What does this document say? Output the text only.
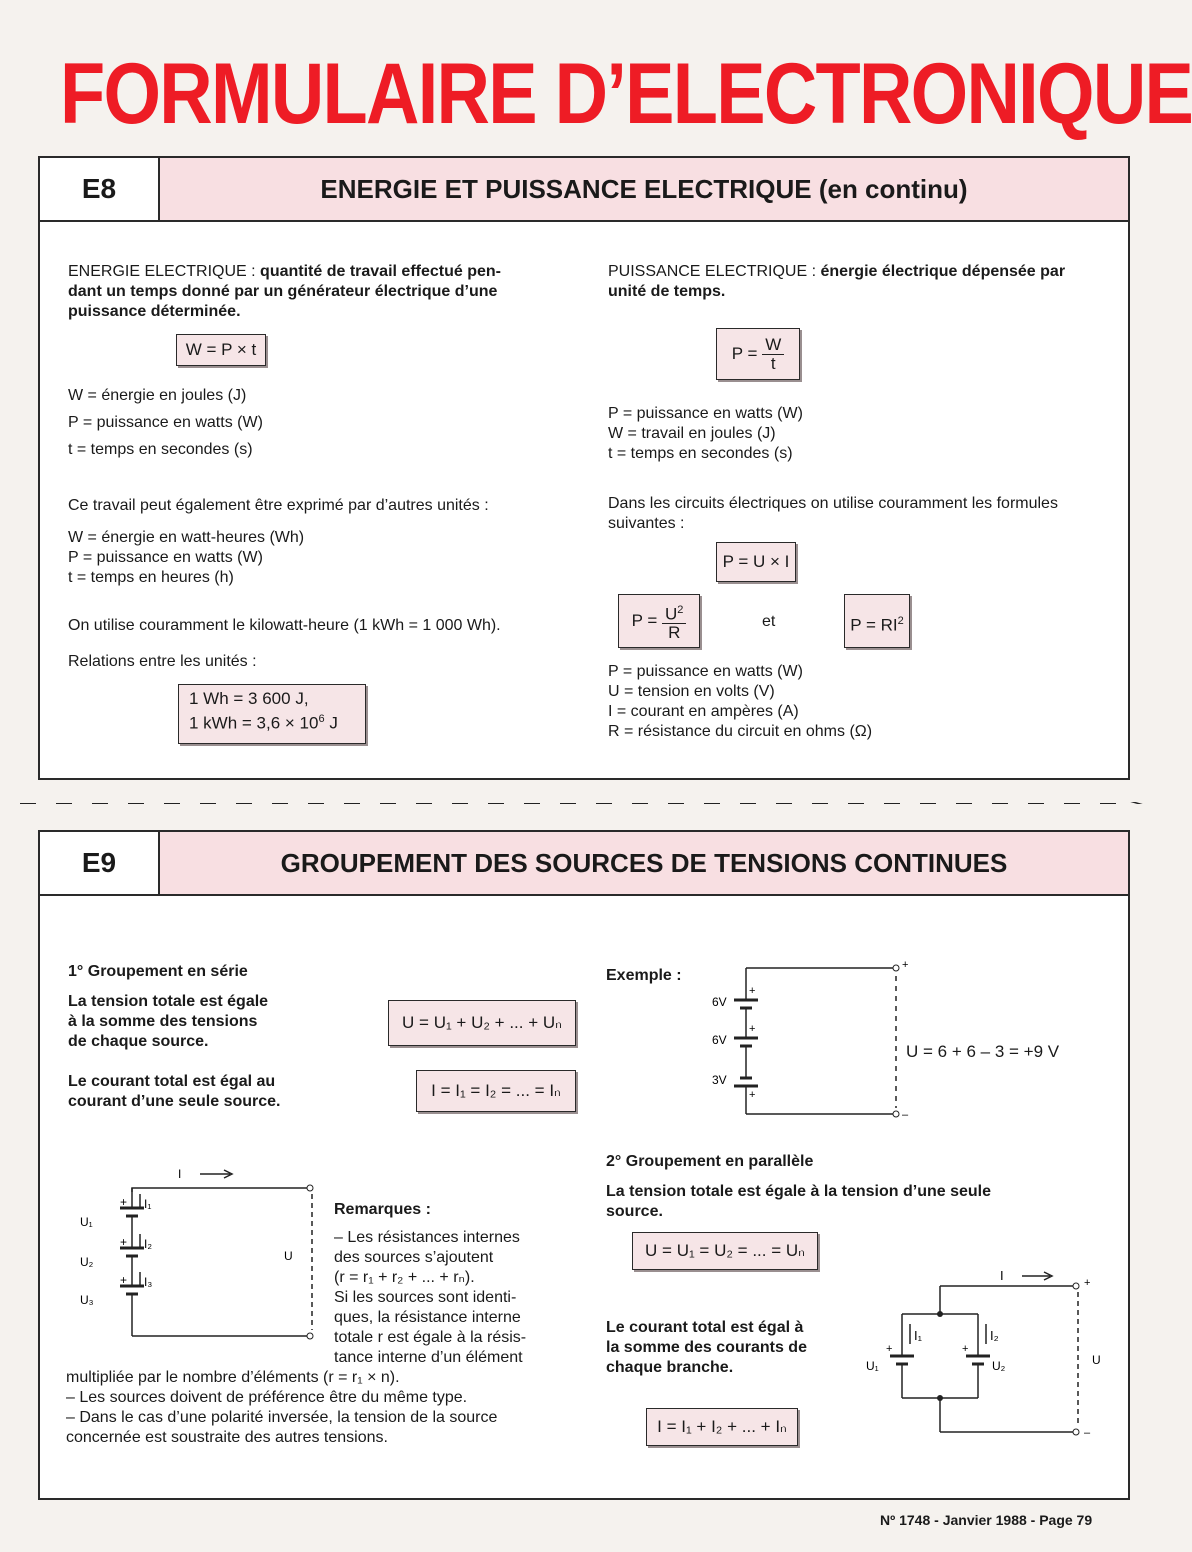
FORMULAIRE D’ELECTRONIQUE
E8	ENERGIE ET PUISSANCE ELECTRIQUE (en continu)
ENERGIE ELECTRIQUE : quantité de travail effectué pen-
dant un temps donné par un générateur électrique d’une
puissance déterminée.
W = P × t
W = énergie en joules (J)
P = puissance en watts (W)
t = temps en secondes (s)
Ce travail peut également être exprimé par d’autres unités :
W = énergie en watt-heures (Wh)
P = puissance en watts (W)
t = temps en heures (h)
On utilise couramment le kilowatt-heure (1 kWh = 1 000 Wh).
Relations entre les unités :
1 Wh = 3 600 J,
1 kWh = $3,6 \times 10^6$ J
PUISSANCE ELECTRIQUE : énergie électrique dépensée par
unité de temps.
$P = \frac{W}{t}$
P = puissance en watts (W)
W = travail en joules (J)
t = temps en secondes (s)
Dans les circuits électriques on utilise couramment les formules
suivantes :
P = U × I
$P = \frac{U^2}{R}$	et	$P = RI^2$
P = puissance en watts (W)
U = tension en volts (V)
I = courant en ampères (A)
R = résistance du circuit en ohms (Ω)
E9	GROUPEMENT DES SOURCES DE TENSIONS CONTINUES
1° Groupement en série
La tension totale est égale
à la somme des tensions
de chaque source.
U = U₁ + U₂ + ... + Uₙ
Le courant total est égal au
courant d’une seule source.
I = I₁ = I₂ = ... = Iₙ
I
U₁
U₂
U₃
I₁
I₂
I₃
+
+
+
U
Remarques :
– Les résistances internes
des sources s’ajoutent
(r = r₁ + r₂ + ... + rₙ).
Si les sources sont identi-
ques, la résistance interne
totale r est égale à la résis-
tance interne d’un élément
multipliée par le nombre d’éléments (r = r₁ × n).
– Les sources doivent de préférence être du même type.
– Dans le cas d’une polarité inversée, la tension de la source
concernée est soustraite des autres tensions.
Exemple :
6V
6V
3V
+
+
+
+
–
U = 6 + 6 – 3 = +9 V
2° Groupement en parallèle
La tension totale est égale à la tension d’une seule
source.
U = U₁ = U₂ = ... = Uₙ
Le courant total est égal à
la somme des courants de
chaque branche.
I = I₁ + I₂ + ... + Iₙ
I
I₁	I₂
U₁	U₂
+	+
+
–
U
Nº 1748 - Janvier 1988 - Page 79
